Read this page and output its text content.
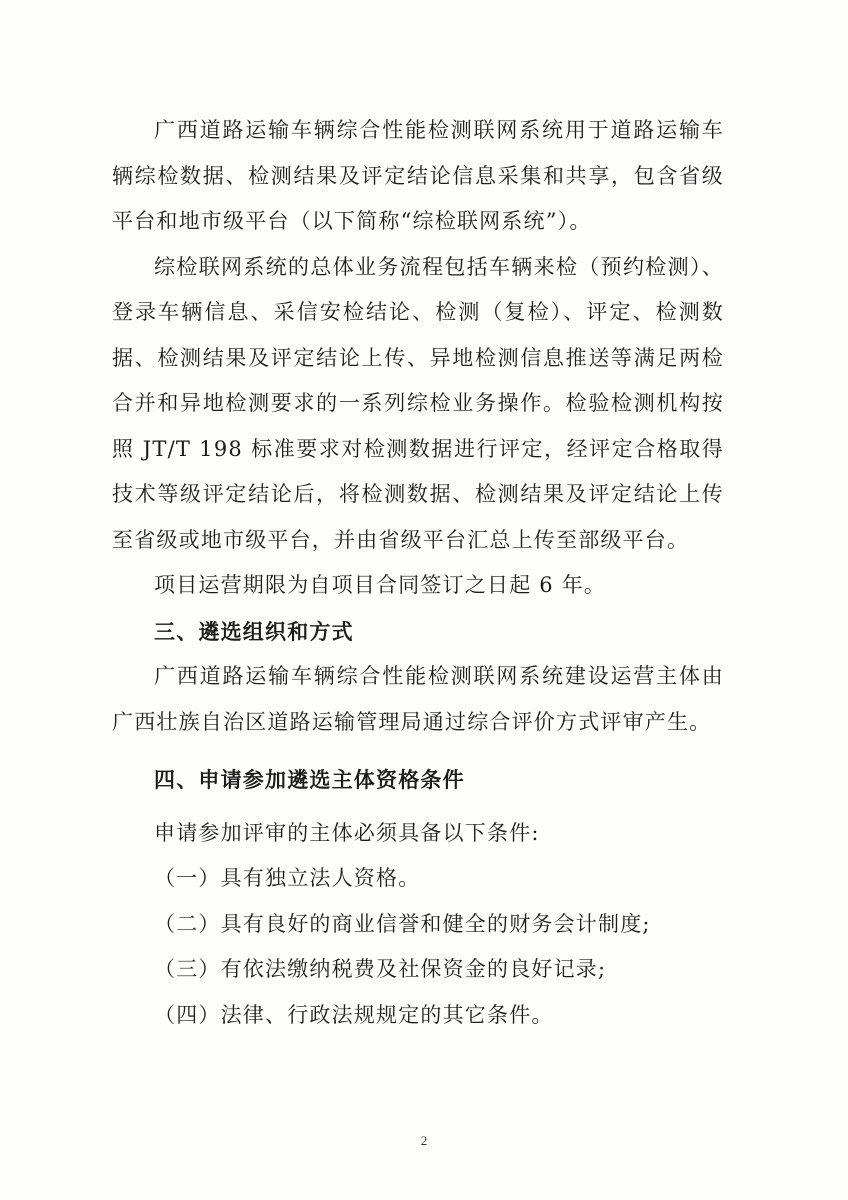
广西道路运输车辆综合性能检测联网系统用于道路运输车辆综检数据、检测结果及评定结论信息采集和共享，包含省级平台和地市级平台（以下简称“综检联网系统”）。

综检联网系统的总体业务流程包括车辆来检（预约检测）、登录车辆信息、采信安检结论、检测（复检）、评定、检测数据、检测结果及评定结论上传、异地检测信息推送等满足两检合并和异地检测要求的一系列综检业务操作。检验检测机构按照 JT/T 198 标准要求对检测数据进行评定，经评定合格取得技术等级评定结论后，将检测数据、检测结果及评定结论上传至省级或地市级平台，并由省级平台汇总上传至部级平台。

项目运营期限为自项目合同签订之日起 6 年。

三、遴选组织和方式

广西道路运输车辆综合性能检测联网系统建设运营主体由广西壮族自治区道路运输管理局通过综合评价方式评审产生。

四、申请参加遴选主体资格条件

申请参加评审的主体必须具备以下条件:

（一）具有独立法人资格。

（二）具有良好的商业信誉和健全的财务会计制度;

（三）有依法缴纳税费及社保资金的良好记录;

（四）法律、行政法规规定的其它条件。

2
